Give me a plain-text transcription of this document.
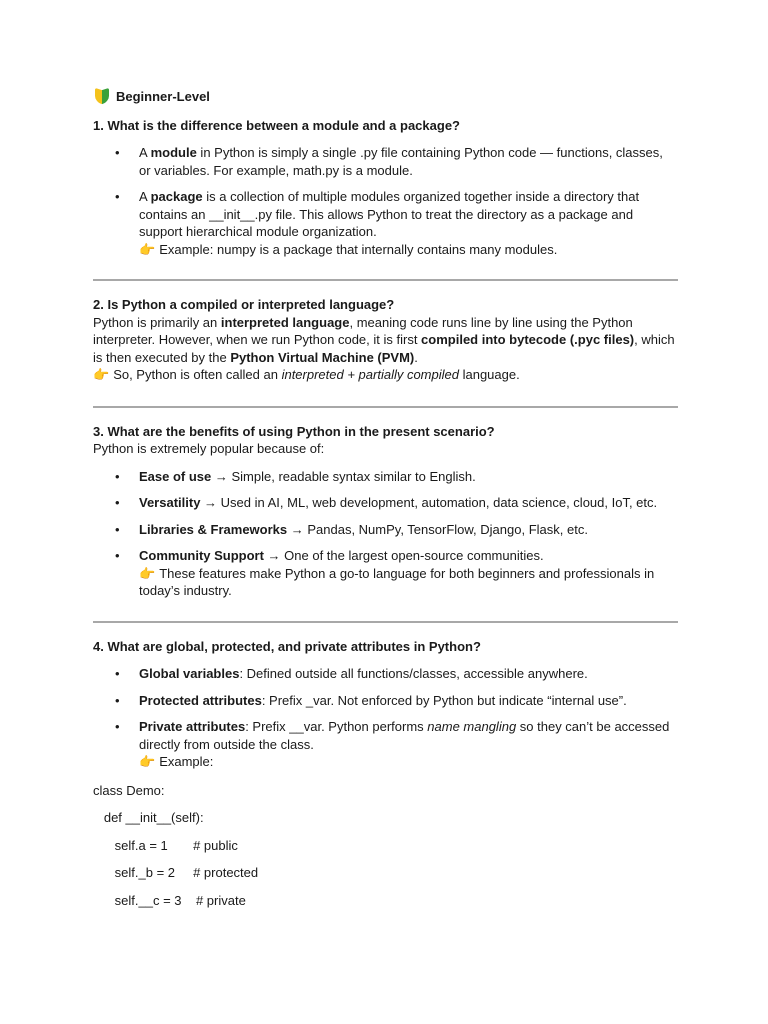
Beginner-Level

1. What is the difference between a module and a package?

• A module in Python is simply a single .py file containing Python code — functions, classes, or variables. For example, math.py is a module.
• A package is a collection of multiple modules organized together inside a directory that contains an __init__.py file. This allows Python to treat the directory as a package and support hierarchical module organization.
👉 Example: numpy is a package that internally contains many modules.

2. Is Python a compiled or interpreted language?

Python is primarily an interpreted language, meaning code runs line by line using the Python interpreter. However, when we run Python code, it is first compiled into bytecode (.pyc files), which is then executed by the Python Virtual Machine (PVM).

👉 So, Python is often called an interpreted + partially compiled language.

3. What are the benefits of using Python in the present scenario?

Python is extremely popular because of:

• Ease of use → Simple, readable syntax similar to English.
• Versatility → Used in AI, ML, web development, automation, data science, cloud, IoT, etc.
• Libraries & Frameworks → Pandas, NumPy, TensorFlow, Django, Flask, etc.
• Community Support → One of the largest open-source communities.
👉 These features make Python a go-to language for both beginners and professionals in today’s industry.

4. What are global, protected, and private attributes in Python?

• Global variables: Defined outside all functions/classes, accessible anywhere.
• Protected attributes: Prefix _var. Not enforced by Python but indicate “internal use”.
• Private attributes: Prefix __var. Python performs name mangling so they can’t be accessed directly from outside the class.
👉 Example:
class Demo:
def __init__(self):
self.a = 1       # public
self._b = 2     # protected
self.__c = 3    # private
